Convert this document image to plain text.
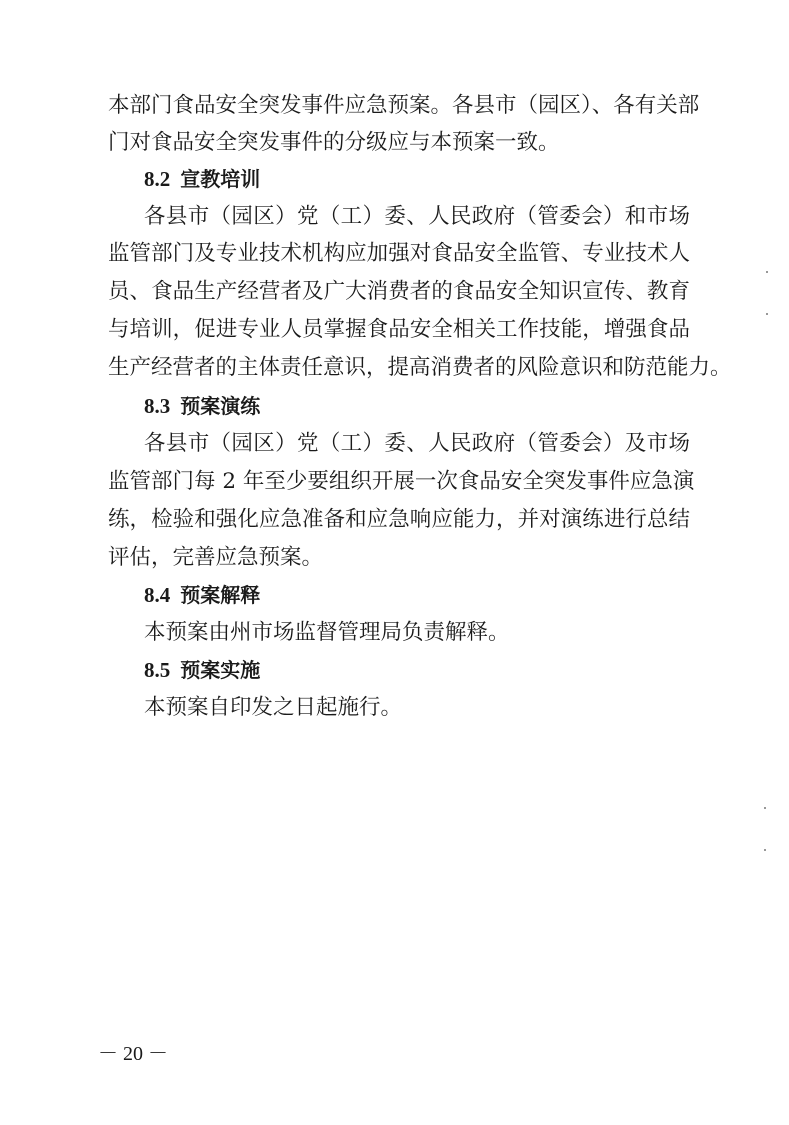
本部门食品安全突发事件应急预案。各县市（园区）、各有关部
门对食品安全突发事件的分级应与本预案一致。
8.2 宣教培训
各县市（园区）党（工）委、人民政府（管委会）和市场
监管部门及专业技术机构应加强对食品安全监管、专业技术人
员、食品生产经营者及广大消费者的食品安全知识宣传、教育
与培训，促进专业人员掌握食品安全相关工作技能，增强食品
生产经营者的主体责任意识，提高消费者的风险意识和防范能力。
8.3 预案演练
各县市（园区）党（工）委、人民政府（管委会）及市场
监管部门每 2 年至少要组织开展一次食品安全突发事件应急演
练，检验和强化应急准备和应急响应能力，并对演练进行总结
评估，完善应急预案。
8.4 预案解释
本预案由州市场监督管理局负责解释。
8.5 预案实施
本预案自印发之日起施行。
－ 20 －
